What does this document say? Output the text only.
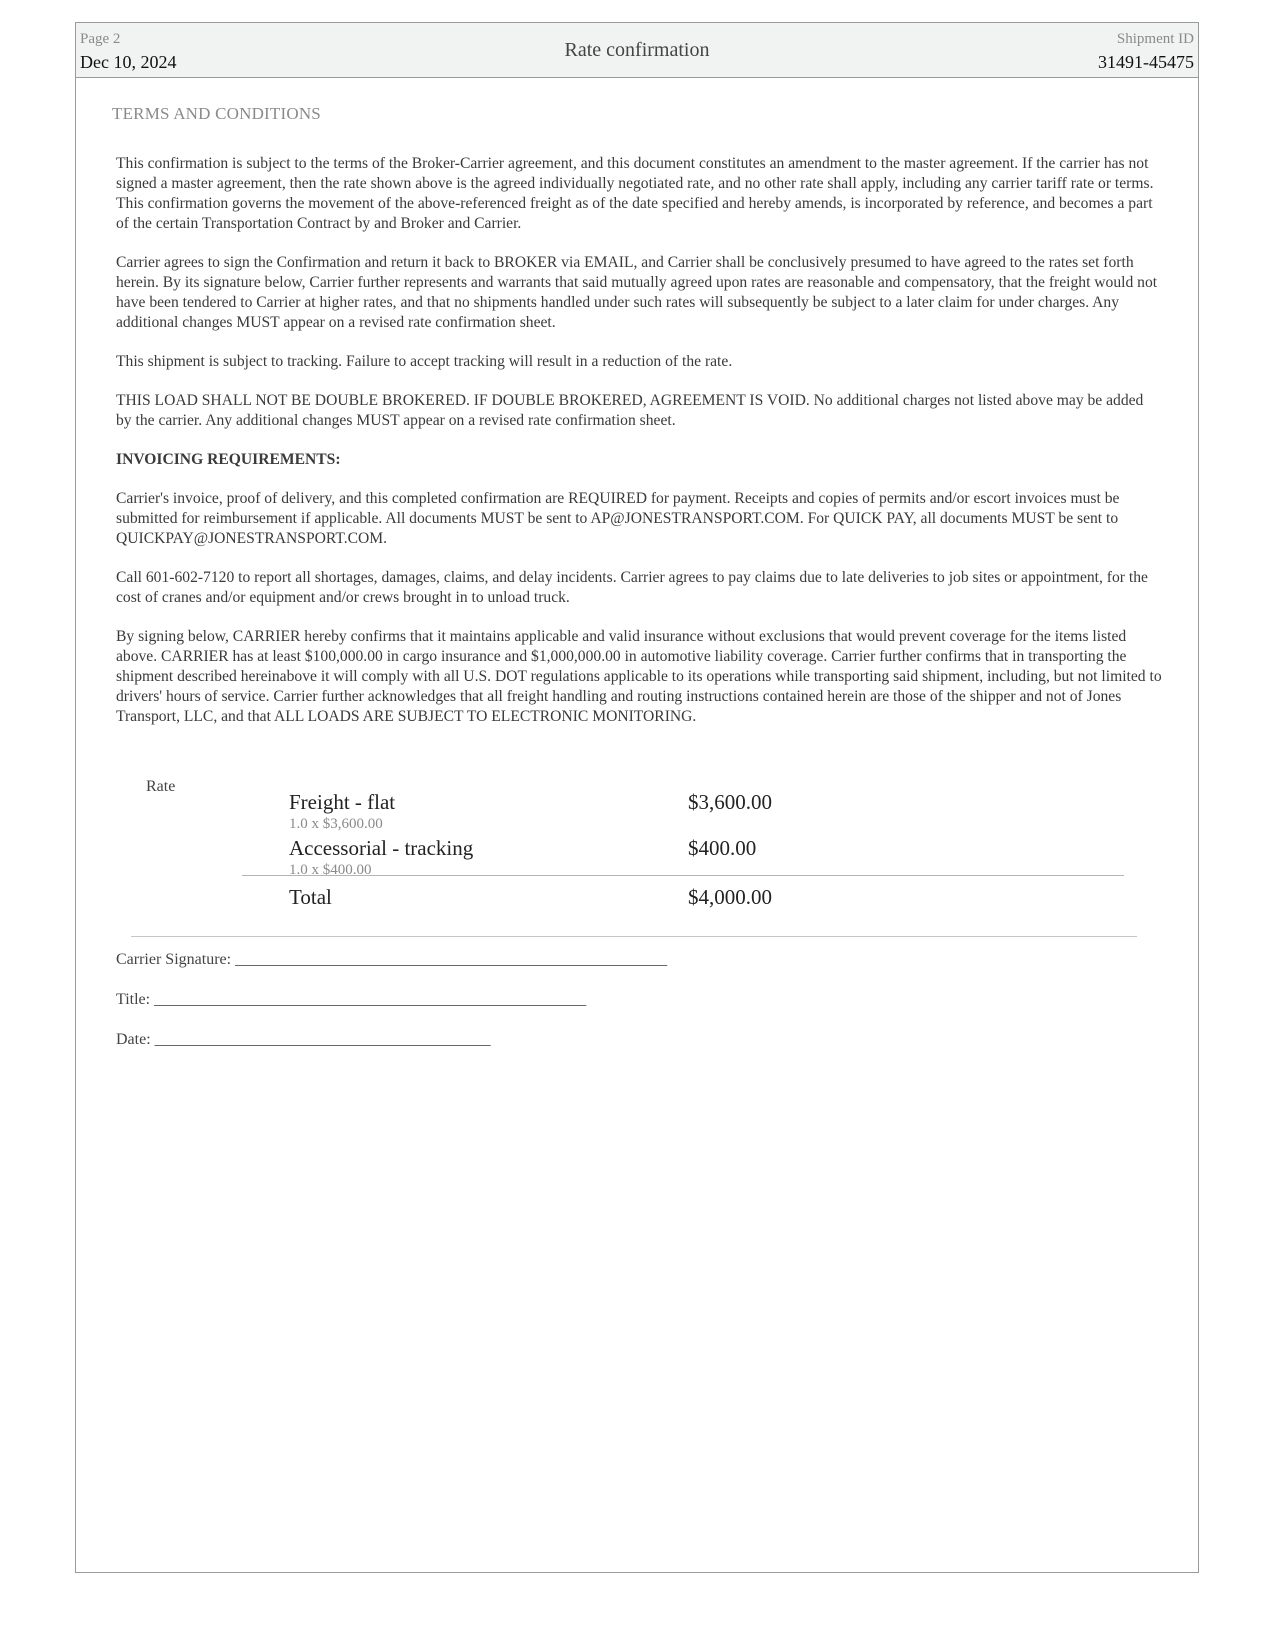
Page 2
Dec 10, 2024
Rate confirmation	Shipment ID
31491-45475
TERMS AND CONDITIONS

This confirmation is subject to the terms of the Broker-Carrier agreement, and this document constitutes an amendment to the master agreement. If the carrier has not signed a master agreement, then the rate shown above is the agreed individually negotiated rate, and no other rate shall apply, including any carrier tariff rate or terms. This confirmation governs the movement of the above-referenced freight as of the date specified and hereby amends, is incorporated by reference, and becomes a part of the certain Transportation Contract by and Broker and Carrier.

Carrier agrees to sign the Confirmation and return it back to BROKER via EMAIL, and Carrier shall be conclusively presumed to have agreed to the rates set forth herein. By its signature below, Carrier further represents and warrants that said mutually agreed upon rates are reasonable and compensatory, that the freight would not have been tendered to Carrier at higher rates, and that no shipments handled under such rates will subsequently be subject to a later claim for under charges. Any additional changes MUST appear on a revised rate confirmation sheet.

This shipment is subject to tracking. Failure to accept tracking will result in a reduction of the rate.

THIS LOAD SHALL NOT BE DOUBLE BROKERED. IF DOUBLE BROKERED, AGREEMENT IS VOID. No additional charges not listed above may be added by the carrier. Any additional changes MUST appear on a revised rate confirmation sheet.

INVOICING REQUIREMENTS:

Carrier's invoice, proof of delivery, and this completed confirmation are REQUIRED for payment. Receipts and copies of permits and/or escort invoices must be submitted for reimbursement if applicable. All documents MUST be sent to AP@JONESTRANSPORT.COM. For QUICK PAY, all documents MUST be sent to QUICKPAY@JONESTRANSPORT.COM.

Call 601-602-7120 to report all shortages, damages, claims, and delay incidents. Carrier agrees to pay claims due to late deliveries to job sites or appointment, for the cost of cranes and/or equipment and/or crews brought in to unload truck.

By signing below, CARRIER hereby confirms that it maintains applicable and valid insurance without exclusions that would prevent coverage for the items listed above. CARRIER has at least $100,000.00 in cargo insurance and $1,000,000.00 in automotive liability coverage. Carrier further confirms that in transporting the shipment described hereinabove it will comply with all U.S. DOT regulations applicable to its operations while transporting said shipment, including, but not limited to drivers' hours of service. Carrier further acknowledges that all freight handling and routing instructions contained herein are those of the shipper and not of Jones Transport, LLC, and that ALL LOADS ARE SUBJECT TO ELECTRONIC MONITORING.

Rate
Freight - flat
1.0 x $3,600.00
$3,600.00
Accessorial - tracking
1.0 x $400.00
$400.00
Total	$4,000.00
Carrier Signature: ______________________________________________________
Title: ______________________________________________________
Date: __________________________________________
